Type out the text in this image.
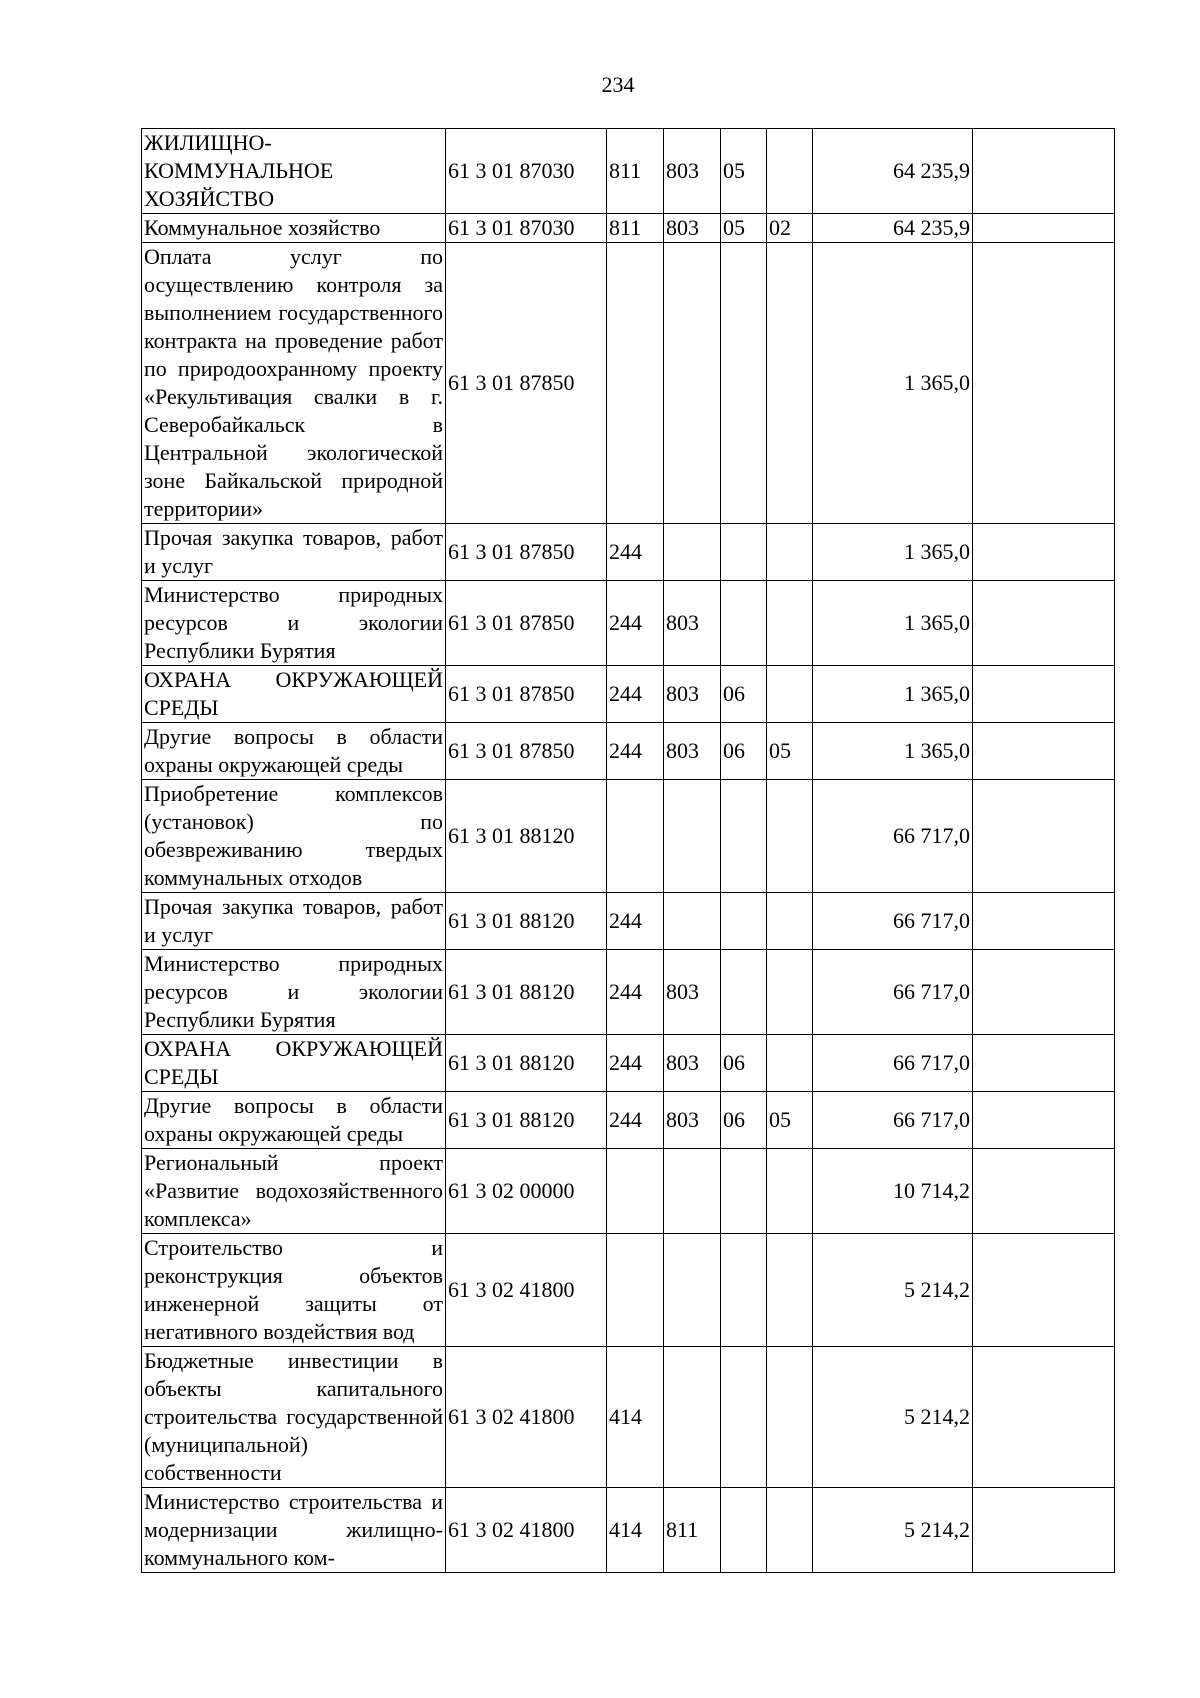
234
ЖИЛИЩНО-КОММУНАЛЬНОЕ ХОЗЯЙСТВО	61 3 01 87030	811	803	05		64 235,9	
Коммунальное хозяйство	61 3 01 87030	811	803	05	02	64 235,9	
Оплата услуг по осуществлению контроля за выполнением государственного контракта на проведение работ по природоохранному проекту «Рекультивация свалки в г. Северобайкальск в Центральной экологической зоне Байкальской природной территории»	61 3 01 87850					1 365,0	
Прочая закупка товаров, работ и услуг	61 3 01 87850	244				1 365,0	
Министерство природных ресурсов и экологии Республики Бурятия	61 3 01 87850	244	803			1 365,0	
ОХРАНА ОКРУЖАЮЩЕЙ СРЕДЫ	61 3 01 87850	244	803	06		1 365,0	
Другие вопросы в области охраны окружающей среды	61 3 01 87850	244	803	06	05	1 365,0	
Приобретение комплексов (установок) по обезвреживанию твердых коммунальных отходов	61 3 01 88120					66 717,0	
Прочая закупка товаров, работ и услуг	61 3 01 88120	244				66 717,0	
Министерство природных ресурсов и экологии Республики Бурятия	61 3 01 88120	244	803			66 717,0	
ОХРАНА ОКРУЖАЮЩЕЙ СРЕДЫ	61 3 01 88120	244	803	06		66 717,0	
Другие вопросы в области охраны окружающей среды	61 3 01 88120	244	803	06	05	66 717,0	
Региональный проект «Развитие водохозяйственного комплекса»	61 3 02 00000					10 714,2	
Строительство и реконструкция объектов инженерной защиты от негативного воздействия вод	61 3 02 41800					5 214,2	
Бюджетные инвестиции в объекты капитального строительства государственной (муниципальной) собственности	61 3 02 41800	414				5 214,2	
Министерство строительства и модернизации жилищно-коммунального ком-	61 3 02 41800	414	811			5 214,2	
